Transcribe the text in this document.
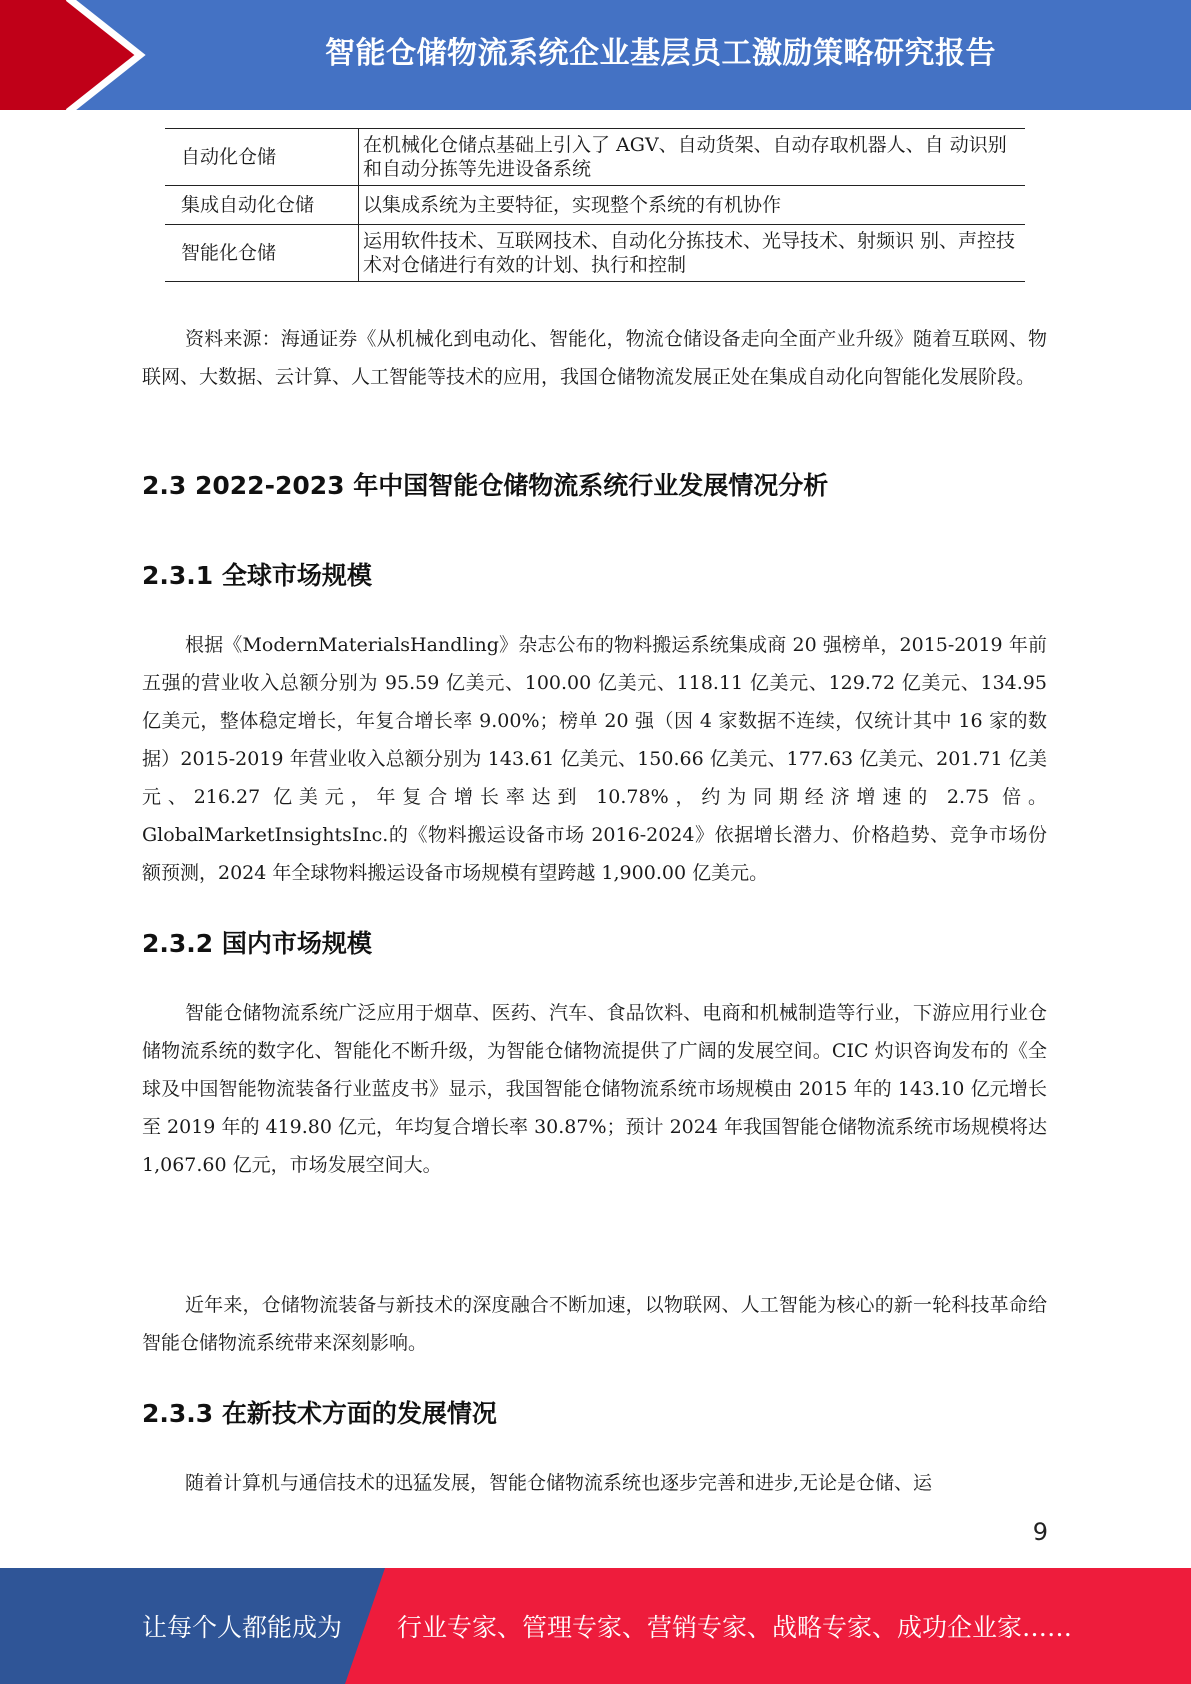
智能仓储物流系统企业基层员工激励策略研究报告
自动化仓储	在机械化仓储点基础上引入了 AGV、自动货架、自动存取机器人、自 动识别和自动分拣等先进设备系统
集成自动化仓储	以集成系统为主要特征，实现整个系统的有机协作
智能化仓储	运用软件技术、互联网技术、自动化分拣技术、光导技术、射频识 别、声控技术对仓储进行有效的计划、执行和控制
资料来源：海通证券《从机械化到电动化、智能化，物流仓储设备走向全面产业升级》随着互联网、物联网、大数据、云计算、人工智能等技术的应用，我国仓储物流发展正处在集成自动化向智能化发展阶段。
2.3 2022-2023 年中国智能仓储物流系统行业发展情况分析
2.3.1 全球市场规模
根据《ModernMaterialsHandling》杂志公布的物料搬运系统集成商 20 强榜单，2015-2019 年前五强的营业收入总额分别为 95.59 亿美元、100.00 亿美元、118.11 亿美元、129.72 亿美元、134.95 亿美元，整体稳定增长，年复合增长率 9.00%；榜单 20 强（因 4 家数据不连续，仅统计其中 16 家的数据）2015-2019 年营业收入总额分别为 143.61 亿美元、150.66 亿美元、177.63 亿美元、201.71 亿美元、216.27 亿美元，年复合增长率达到 10.78%，约为同期经济增速的 2.75 倍。GlobalMarketInsightsInc.的《物料搬运设备市场 2016-2024》依据增长潜力、价格趋势、竞争市场份额预测，2024 年全球物料搬运设备市场规模有望跨越 1,900.00 亿美元。
2.3.2 国内市场规模
智能仓储物流系统广泛应用于烟草、医药、汽车、食品饮料、电商和机械制造等行业，下游应用行业仓储物流系统的数字化、智能化不断升级，为智能仓储物流提供了广阔的发展空间。CIC 灼识咨询发布的《全球及中国智能物流装备行业蓝皮书》显示，我国智能仓储物流系统市场规模由 2015 年的 143.10 亿元增长至 2019 年的 419.80 亿元，年均复合增长率 30.87%；预计 2024 年我国智能仓储物流系统市场规模将达 1,067.60 亿元，市场发展空间大。
近年来，仓储物流装备与新技术的深度融合不断加速，以物联网、人工智能为核心的新一轮科技革命给智能仓储物流系统带来深刻影响。
2.3.3 在新技术方面的发展情况
随着计算机与通信技术的迅猛发展，智能仓储物流系统也逐步完善和进步,无论是仓储、运
9
让每个人都能成为 行业专家、管理专家、营销专家、战略专家、成功企业家……
